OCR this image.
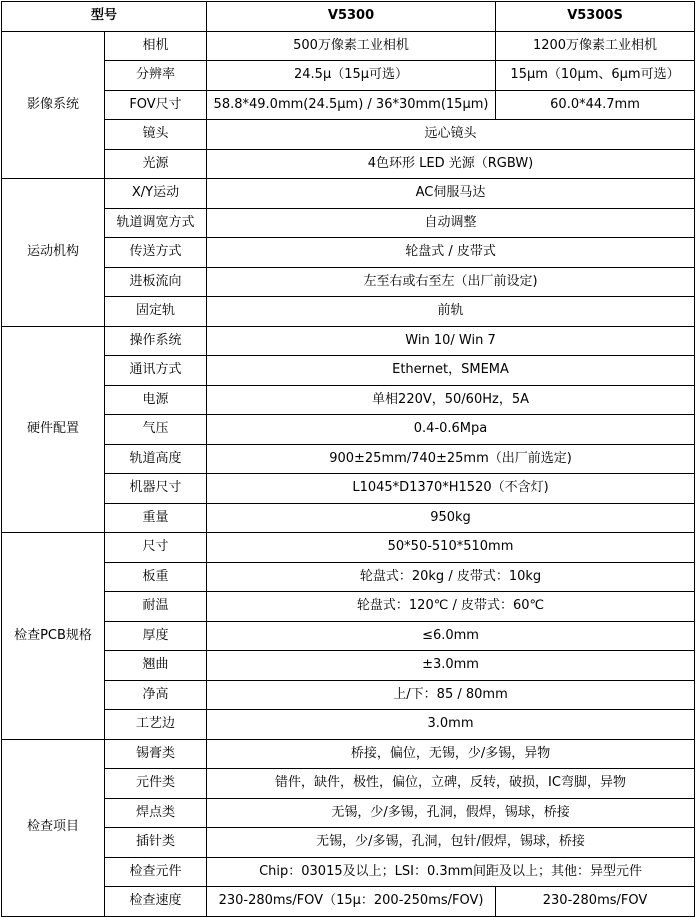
型号		V5300	V5300S
影像系统	相机	500万像素工业相机	1200万像素工业相机
	分辨率	24.5μ（15μ可选）	15μm（10μm、6μm可选）
	FOV尺寸	58.8*49.0mm(24.5μm) / 36*30mm(15μm)	60.0*44.7mm
	镜头	远心镜头	
	光源	4色环形 LED 光源（RGBW)	
运动机构	X/Y运动	AC伺服马达	
	轨道调宽方式	自动调整	
	传送方式	轮盘式 / 皮带式	
	进板流向	左至右或右至左（出厂前设定)	
	固定轨	前轨	
硬件配置	操作系统	Win 10/ Win 7	
	通讯方式	Ethernet，SMEMA	
	电源	单相220V，50/60Hz，5A	
	气压	0.4-0.6Mpa	
	轨道高度	900±25mm/740±25mm（出厂前选定)	
	机器尺寸	L1045*D1370*H1520（不含灯)	
	重量	950kg	
检查PCB规格	尺寸	50*50-510*510mm	
	板重	轮盘式：20kg / 皮带式：10kg	
	耐温	轮盘式：120℃ / 皮带式：60℃	
	厚度	≤6.0mm	
	翘曲	±3.0mm	
	净高	上/下：85 / 80mm	
	工艺边	3.0mm	
检查项目	锡膏类	桥接，偏位，无锡，少/多锡，异物	
	元件类	错件，缺件，极性，偏位，立碑，反转，破损，IC弯脚，异物	
	焊点类	无锡，少/多锡，孔洞，假焊，锡球，桥接	
	插针类	无锡，少/多锡，孔洞，包针/假焊，锡球，桥接	
	检查元件	Chip：03015及以上；LSI：0.3mm间距及以上；其他：异型元件	
	检查速度	230-280ms/FOV（15μ：200-250ms/FOV)	230-280ms/FOV
